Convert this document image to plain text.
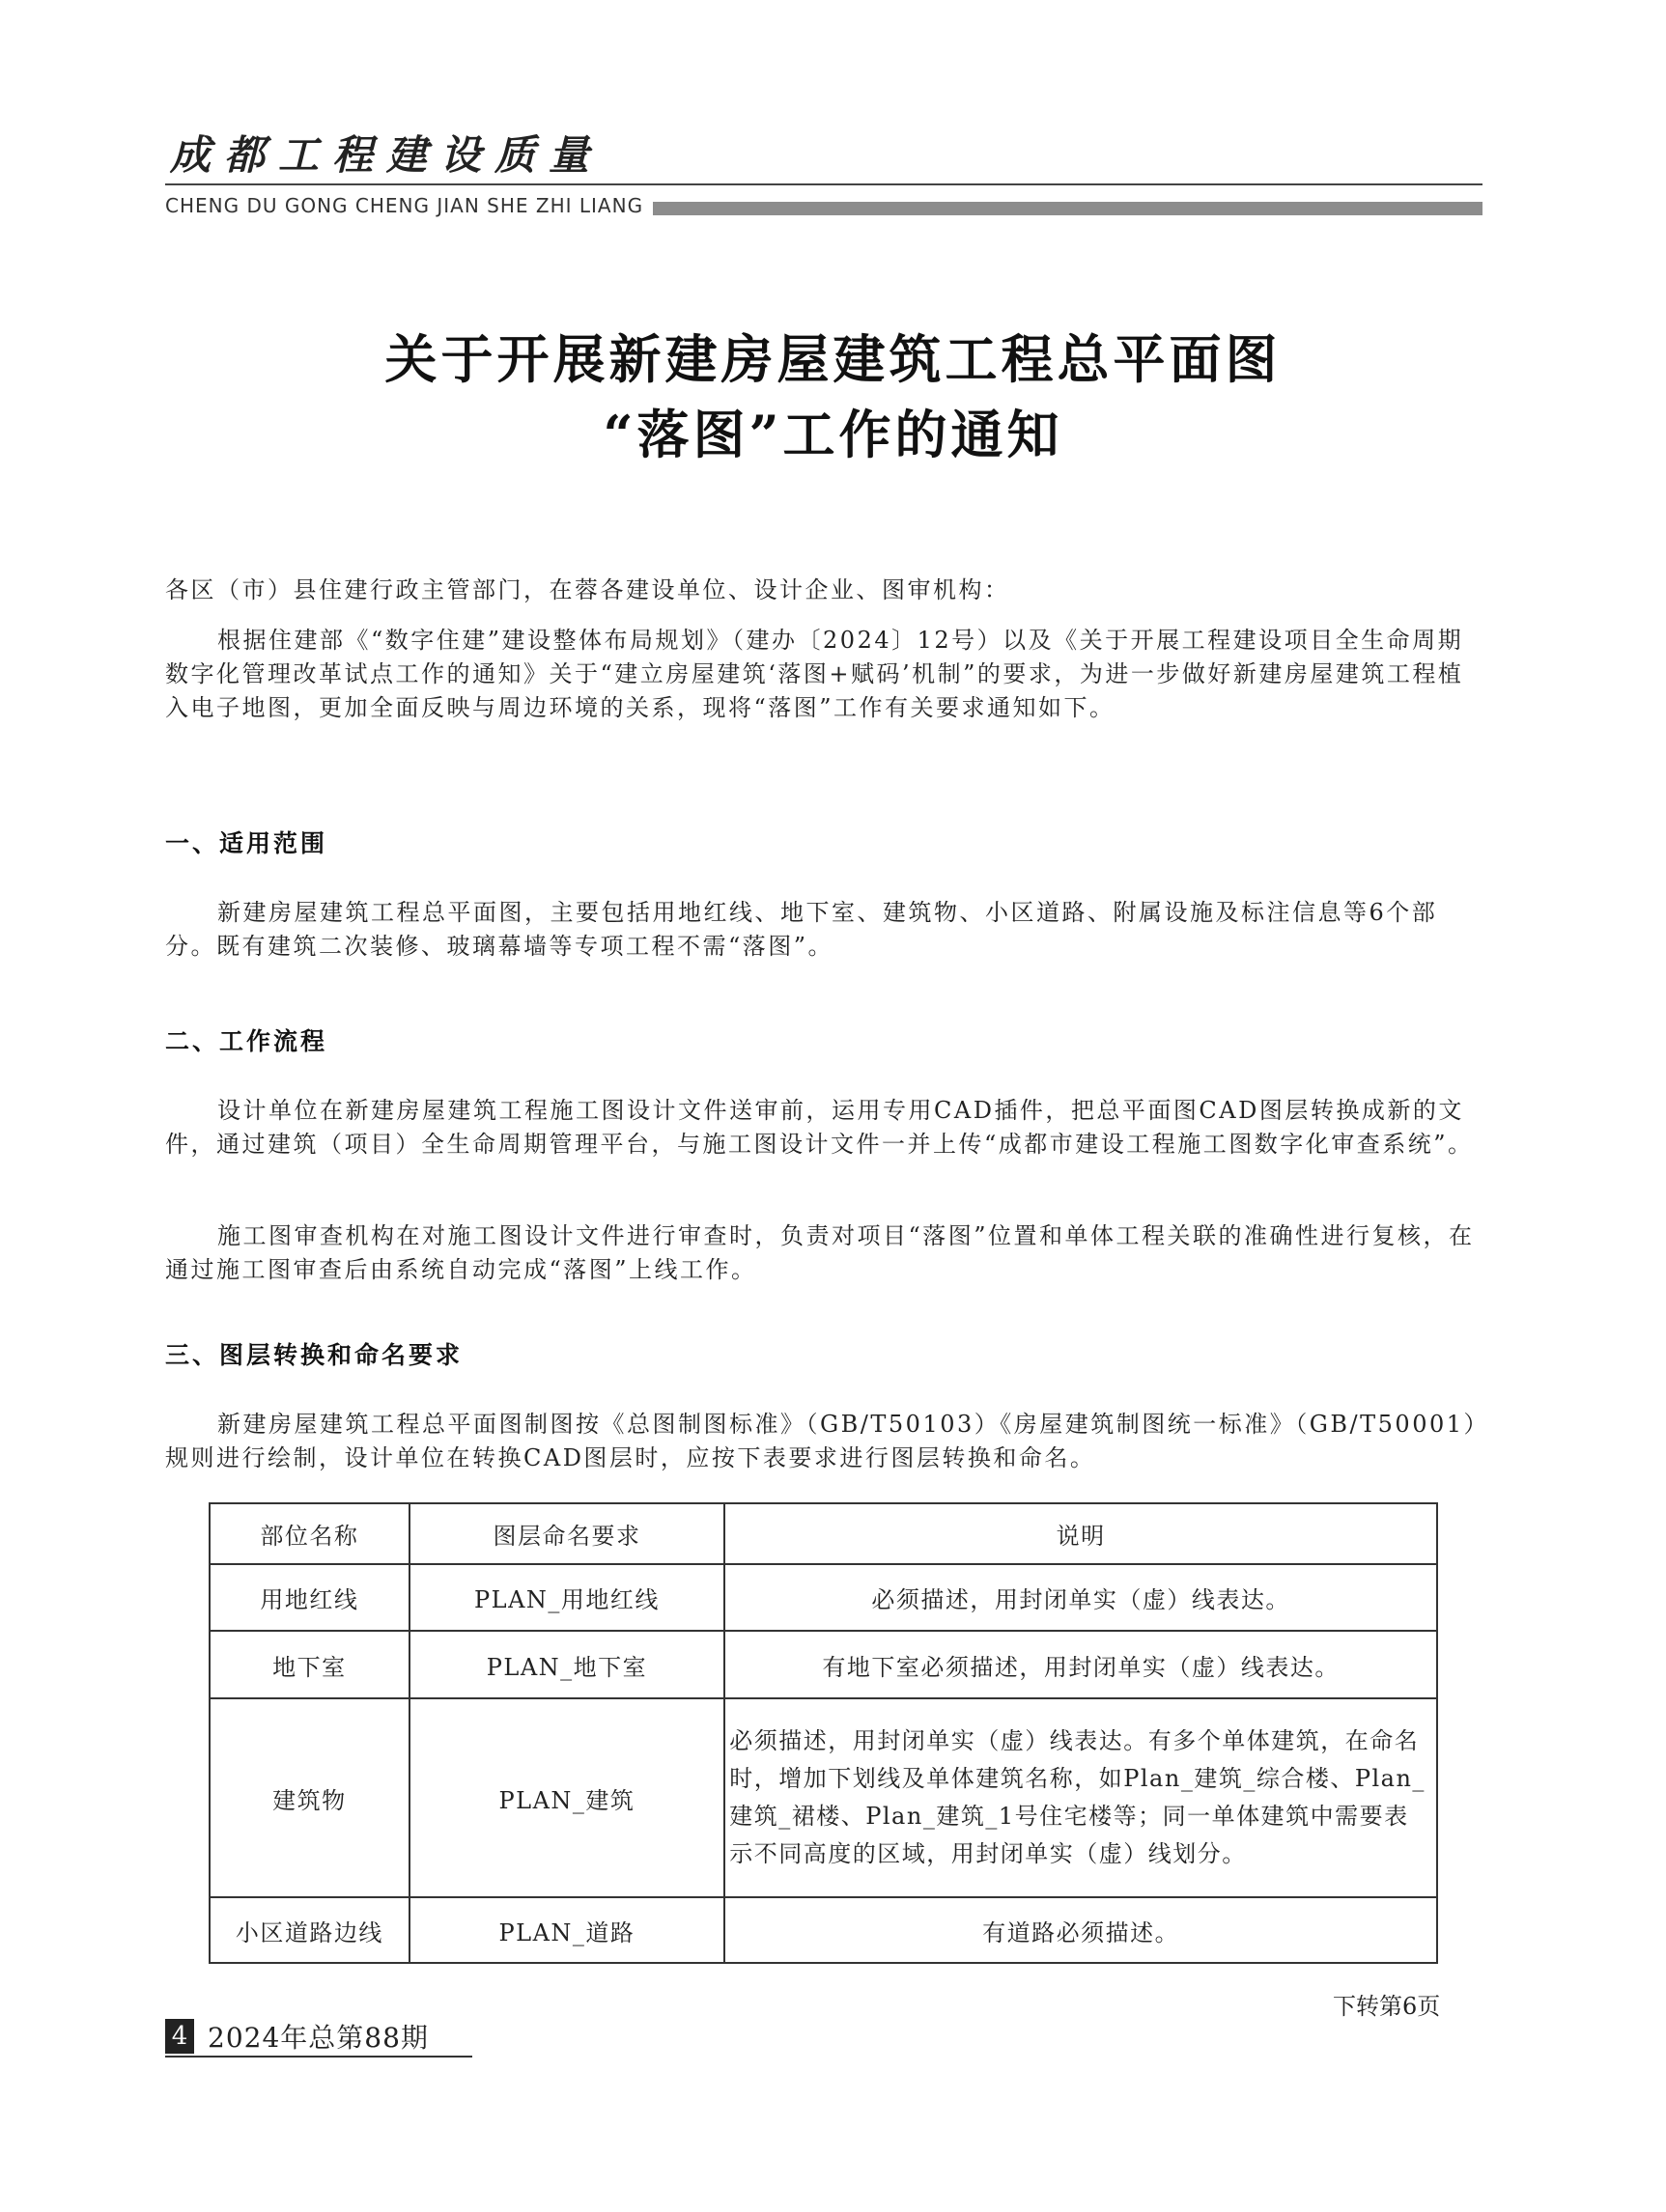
成都工程建设质量
CHENG DU GONG CHENG JIAN SHE ZHI LIANG
关于开展新建房屋建筑工程总平面图
“落图”工作的通知

各区（市）县住建行政主管部门，在蓉各建设单位、设计企业、图审机构：

根据住建部《“数字住建”建设整体布局规划》（建办〔2024〕12号）以及《关于开展工程建设项目全生命周期数字化管理改革试点工作的通知》关于“建立房屋建筑‘落图+赋码’机制”的要求，为进一步做好新建房屋建筑工程植入电子地图，更加全面反映与周边环境的关系，现将“落图”工作有关要求通知如下。

一、适用范围

新建房屋建筑工程总平面图，主要包括用地红线、地下室、建筑物、小区道路、附属设施及标注信息等6个部分。既有建筑二次装修、玻璃幕墙等专项工程不需“落图”。

二、工作流程

设计单位在新建房屋建筑工程施工图设计文件送审前，运用专用CAD插件，把总平面图CAD图层转换成新的文件，通过建筑（项目）全生命周期管理平台，与施工图设计文件一并上传“成都市建设工程施工图数字化审查系统”。

施工图审查机构在对施工图设计文件进行审查时，负责对项目“落图”位置和单体工程关联的准确性进行复核，在通过施工图审查后由系统自动完成“落图”上线工作。

三、图层转换和命名要求

新建房屋建筑工程总平面图制图按《总图制图标准》（GB/T50103）《房屋建筑制图统一标准》（GB/T50001）规则进行绘制，设计单位在转换CAD图层时，应按下表要求进行图层转换和命名。

部位名称	图层命名要求	说明
用地红线	PLAN_用地红线	必须描述，用封闭单实（虚）线表达。
地下室	PLAN_地下室	有地下室必须描述，用封闭单实（虚）线表达。
建筑物	PLAN_建筑	必须描述，用封闭单实（虚）线表达。有多个单体建筑，在命名时，增加下划线及单体建筑名称，如Plan_建筑_综合楼、Plan_建筑_裙楼、Plan_建筑_1号住宅楼等；同一单体建筑中需要表示不同高度的区域，用封闭单实（虚）线划分。
小区道路边线	PLAN_道路	有道路必须描述。
下转第6页
4 2024年总第88期
